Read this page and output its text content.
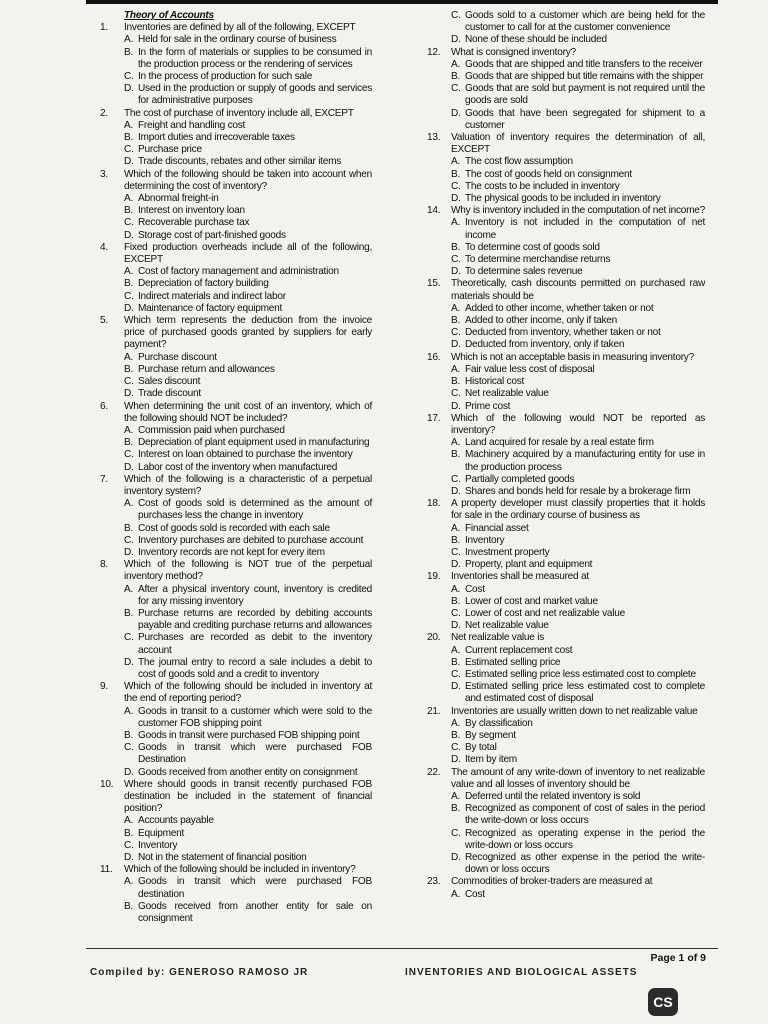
Theory of Accounts
1.	Inventories are defined by all of the following, EXCEPT
A. Held for sale in the ordinary course of business
B. In the form of materials or supplies to be consumed in the production process or the rendering of services
C. In the process of production for such sale
D. Used in the production or supply of goods and services for administrative purposes
2.	The cost of purchase of inventory include all, EXCEPT
A. Freight and handling cost
B. Import duties and irrecoverable taxes
C. Purchase price
D. Trade discounts, rebates and other similar items
3.	Which of the following should be taken into account when determining the cost of inventory?
A. Abnormal freight-in
B. Interest on inventory loan
C. Recoverable purchase tax
D. Storage cost of part-finished goods
4.	Fixed production overheads include all of the following, EXCEPT
A. Cost of factory management and administration
B. Depreciation of factory building
C. Indirect materials and indirect labor
D. Maintenance of factory equipment
5.	Which term represents the deduction from the invoice price of purchased goods granted by suppliers for early payment?
A. Purchase discount
B. Purchase return and allowances
C. Sales discount
D. Trade discount
6.	When determining the unit cost of an inventory, which of the following should NOT be included?
A. Commission paid when purchased
B. Depreciation of plant equipment used in manufacturing
C. Interest on loan obtained to purchase the inventory
D. Labor cost of the inventory when manufactured
7.	Which of the following is a characteristic of a perpetual inventory system?
A. Cost of goods sold is determined as the amount of purchases less the change in inventory
B. Cost of goods sold is recorded with each sale
C. Inventory purchases are debited to purchase account
D. Inventory records are not kept for every item
8.	Which of the following is NOT true of the perpetual inventory method?
A. After a physical inventory count, inventory is credited for any missing inventory
B. Purchase returns are recorded by debiting accounts payable and crediting purchase returns and allowances
C. Purchases are recorded as debit to the inventory account
D. The journal entry to record a sale includes a debit to cost of goods sold and a credit to inventory
9.	Which of the following should be included in inventory at the end of reporting period?
A. Goods in transit to a customer which were sold to the customer FOB shipping point
B. Goods in transit were purchased FOB shipping point
C. Goods in transit which were purchased FOB Destination
D. Goods received from another entity on consignment
10.	Where should goods in transit recently purchased FOB destination be included in the statement of financial position?
A. Accounts payable
B. Equipment
C. Inventory
D. Not in the statement of financial position
11.	Which of the following should be included in inventory?
A. Goods in transit which were purchased FOB destination
B. Goods received from another entity for sale on consignment
C. Goods sold to a customer which are being held for the customer to call for at the customer convenience
D. None of these should be included
12.	What is consigned inventory?
A. Goods that are shipped and title transfers to the receiver
B. Goods that are shipped but title remains with the shipper
C. Goods that are sold but payment is not required until the goods are sold
D. Goods that have been segregated for shipment to a customer
13.	Valuation of inventory requires the determination of all, EXCEPT
A. The cost flow assumption
B. The cost of goods held on consignment
C. The costs to be included in inventory
D. The physical goods to be included in inventory
14.	Why is inventory included in the computation of net income?
A. Inventory is not included in the computation of net income
B. To determine cost of goods sold
C. To determine merchandise returns
D. To determine sales revenue
15.	Theoretically, cash discounts permitted on purchased raw materials should be
A. Added to other income, whether taken or not
B. Added to other income, only if taken
C. Deducted from inventory, whether taken or not
D. Deducted from inventory, only if taken
16.	Which is not an acceptable basis in measuring inventory?
A. Fair value less cost of disposal
B. Historical cost
C. Net realizable value
D. Prime cost
17.	Which of the following would NOT be reported as inventory?
A. Land acquired for resale by a real estate firm
B. Machinery acquired by a manufacturing entity for use in the production process
C. Partially completed goods
D. Shares and bonds held for resale by a brokerage firm
18.	A property developer must classify properties that it holds for sale in the ordinary course of business as
A. Financial asset
B. Inventory
C. Investment property
D. Property, plant and equipment
19.	Inventories shall be measured at
A. Cost
B. Lower of cost and market value
C. Lower of cost and net realizable value
D. Net realizable value
20.	Net realizable value is
A. Current replacement cost
B. Estimated selling price
C. Estimated selling price less estimated cost to complete
D. Estimated selling price less estimated cost to complete and estimated cost of disposal
21.	Inventories are usually written down to net realizable value
A. By classification
B. By segment
C. By total
D. Item by item
22.	The amount of any write-down of inventory to net realizable value and all losses of inventory should be
A. Deferred until the related inventory is sold
B. Recognized as component of cost of sales in the period the write-down or loss occurs
C. Recognized as operating expense in the period the write-down or loss occurs
D. Recognized as other expense in the period the write-down or loss occurs
23.	Commodities of broker-traders are measured at
A. Cost
Page 1 of 9
Compiled by: GENEROSO RAMOSO JR	INVENTORIES AND BIOLOGICAL ASSETS
CS
